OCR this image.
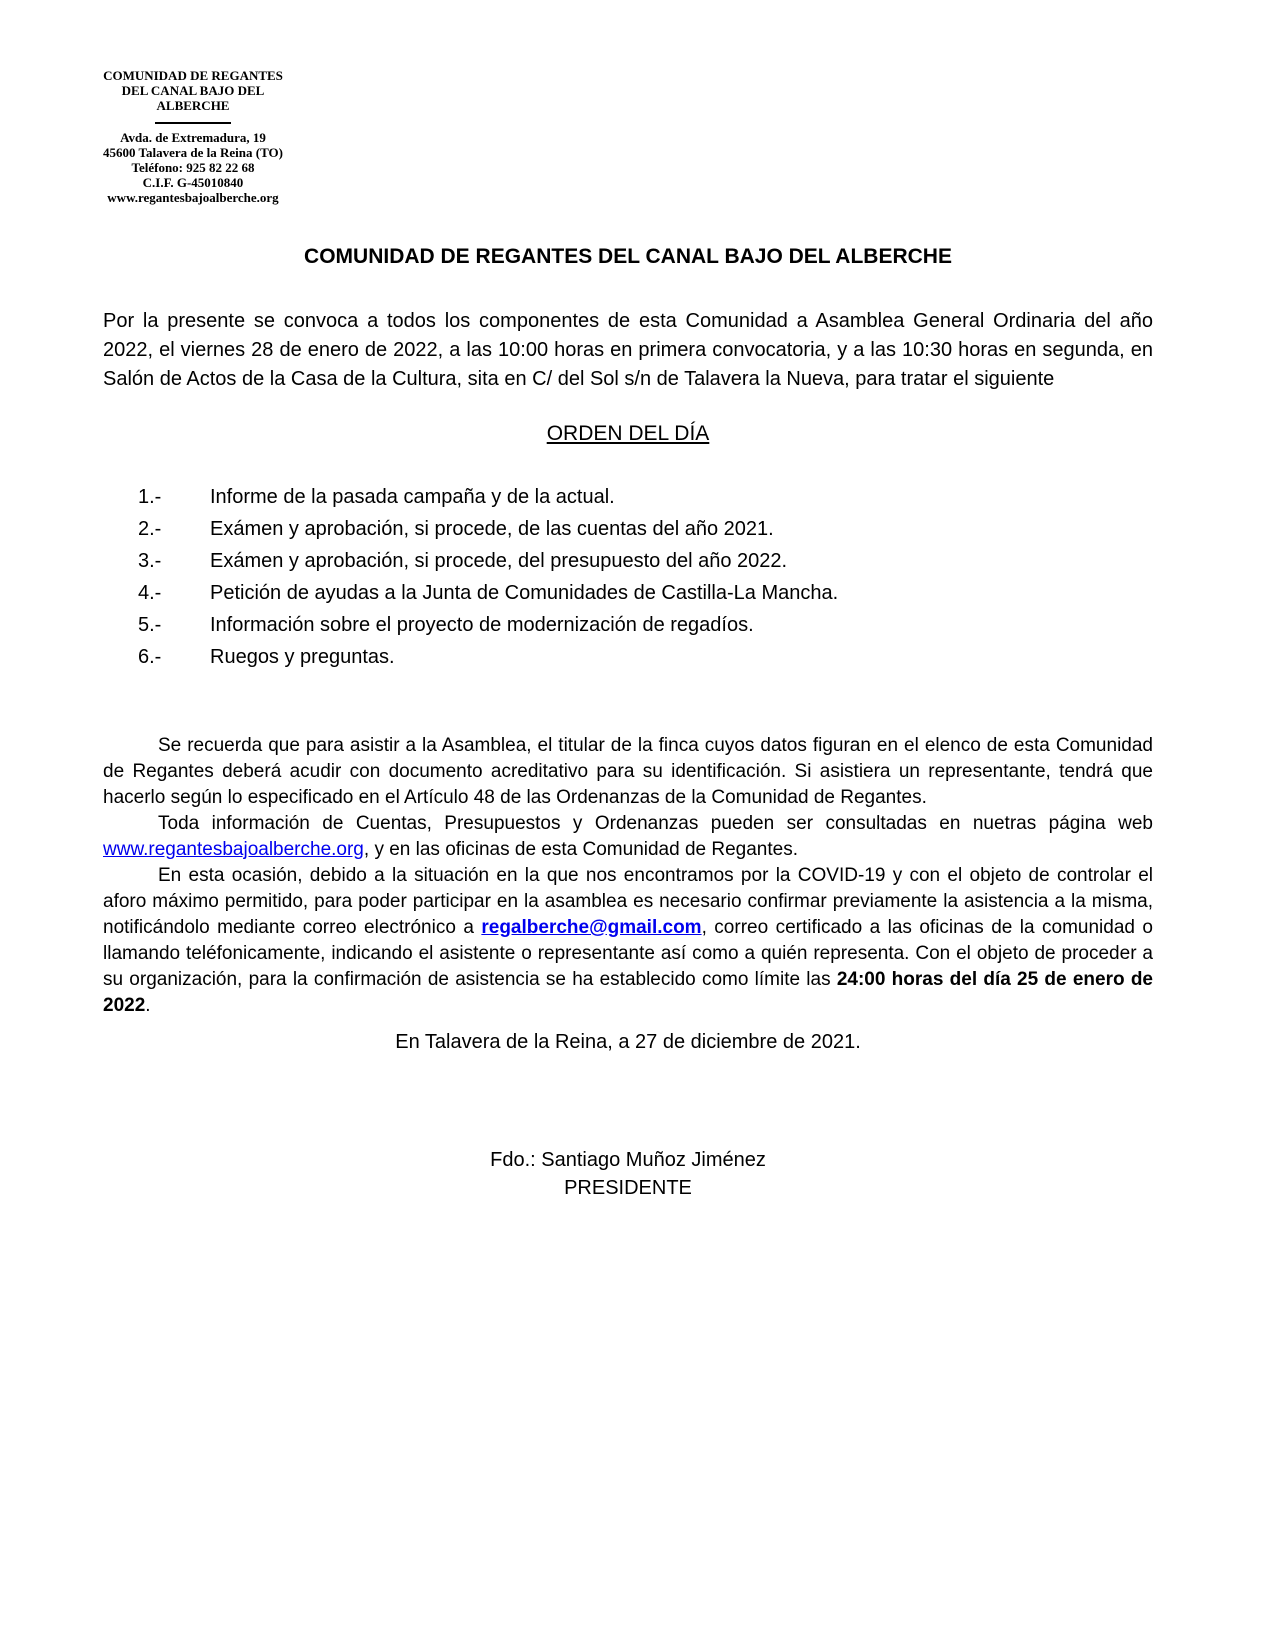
COMUNIDAD DE REGANTES
DEL CANAL BAJO DEL
ALBERCHE
Avda. de Extremadura, 19
45600 Talavera de la Reina (TO)
Teléfono: 925 82 22 68
C.I.F. G-45010840
www.regantesbajoalberche.org
COMUNIDAD DE REGANTES DEL CANAL BAJO DEL ALBERCHE

Por la presente se convoca a todos los componentes de esta Comunidad a Asamblea General Ordinaria del año 2022, el viernes 28 de enero de 2022, a las 10:00 horas en primera convocatoria, y a las 10:30 horas en segunda, en Salón de Actos de la Casa de la Cultura, sita en C/ del Sol s/n de Talavera la Nueva, para tratar el siguiente

ORDEN DEL DÍA
1.- Informe de la pasada campaña y de la actual.
2.- Exámen y aprobación, si procede, de las cuentas del año 2021.
3.- Exámen y aprobación, si procede, del presupuesto del año 2022.
4.- Petición de ayudas a la Junta de Comunidades de Castilla-La Mancha.
5.- Información sobre el proyecto de modernización de regadíos.
6.- Ruegos y preguntas.

Se recuerda que para asistir a la Asamblea, el titular de la finca cuyos datos figuran en el elenco de esta Comunidad de Regantes deberá acudir con documento acreditativo para su identificación. Si asistiera un representante, tendrá que hacerlo según lo especificado en el Artículo 48 de las Ordenanzas de la Comunidad de Regantes.

Toda información de Cuentas, Presupuestos y Ordenanzas pueden ser consultadas en nuetras página web www.regantesbajoalberche.org, y en las oficinas de esta Comunidad de Regantes.

En esta ocasión, debido a la situación en la que nos encontramos por la COVID-19 y con el objeto de controlar el aforo máximo permitido, para poder participar en la asamblea es necesario confirmar previamente la asistencia a la misma, notificándolo mediante correo electrónico a regalberche@gmail.com, correo certificado a las oficinas de la comunidad o llamando teléfonicamente, indicando el asistente o representante así como a quién representa. Con el objeto de proceder a su organización, para la confirmación de asistencia se ha establecido como límite las 24:00 horas del día 25 de enero de 2022.

En Talavera de la Reina, a 27 de diciembre de 2021.
Fdo.: Santiago Muñoz Jiménez
PRESIDENTE
